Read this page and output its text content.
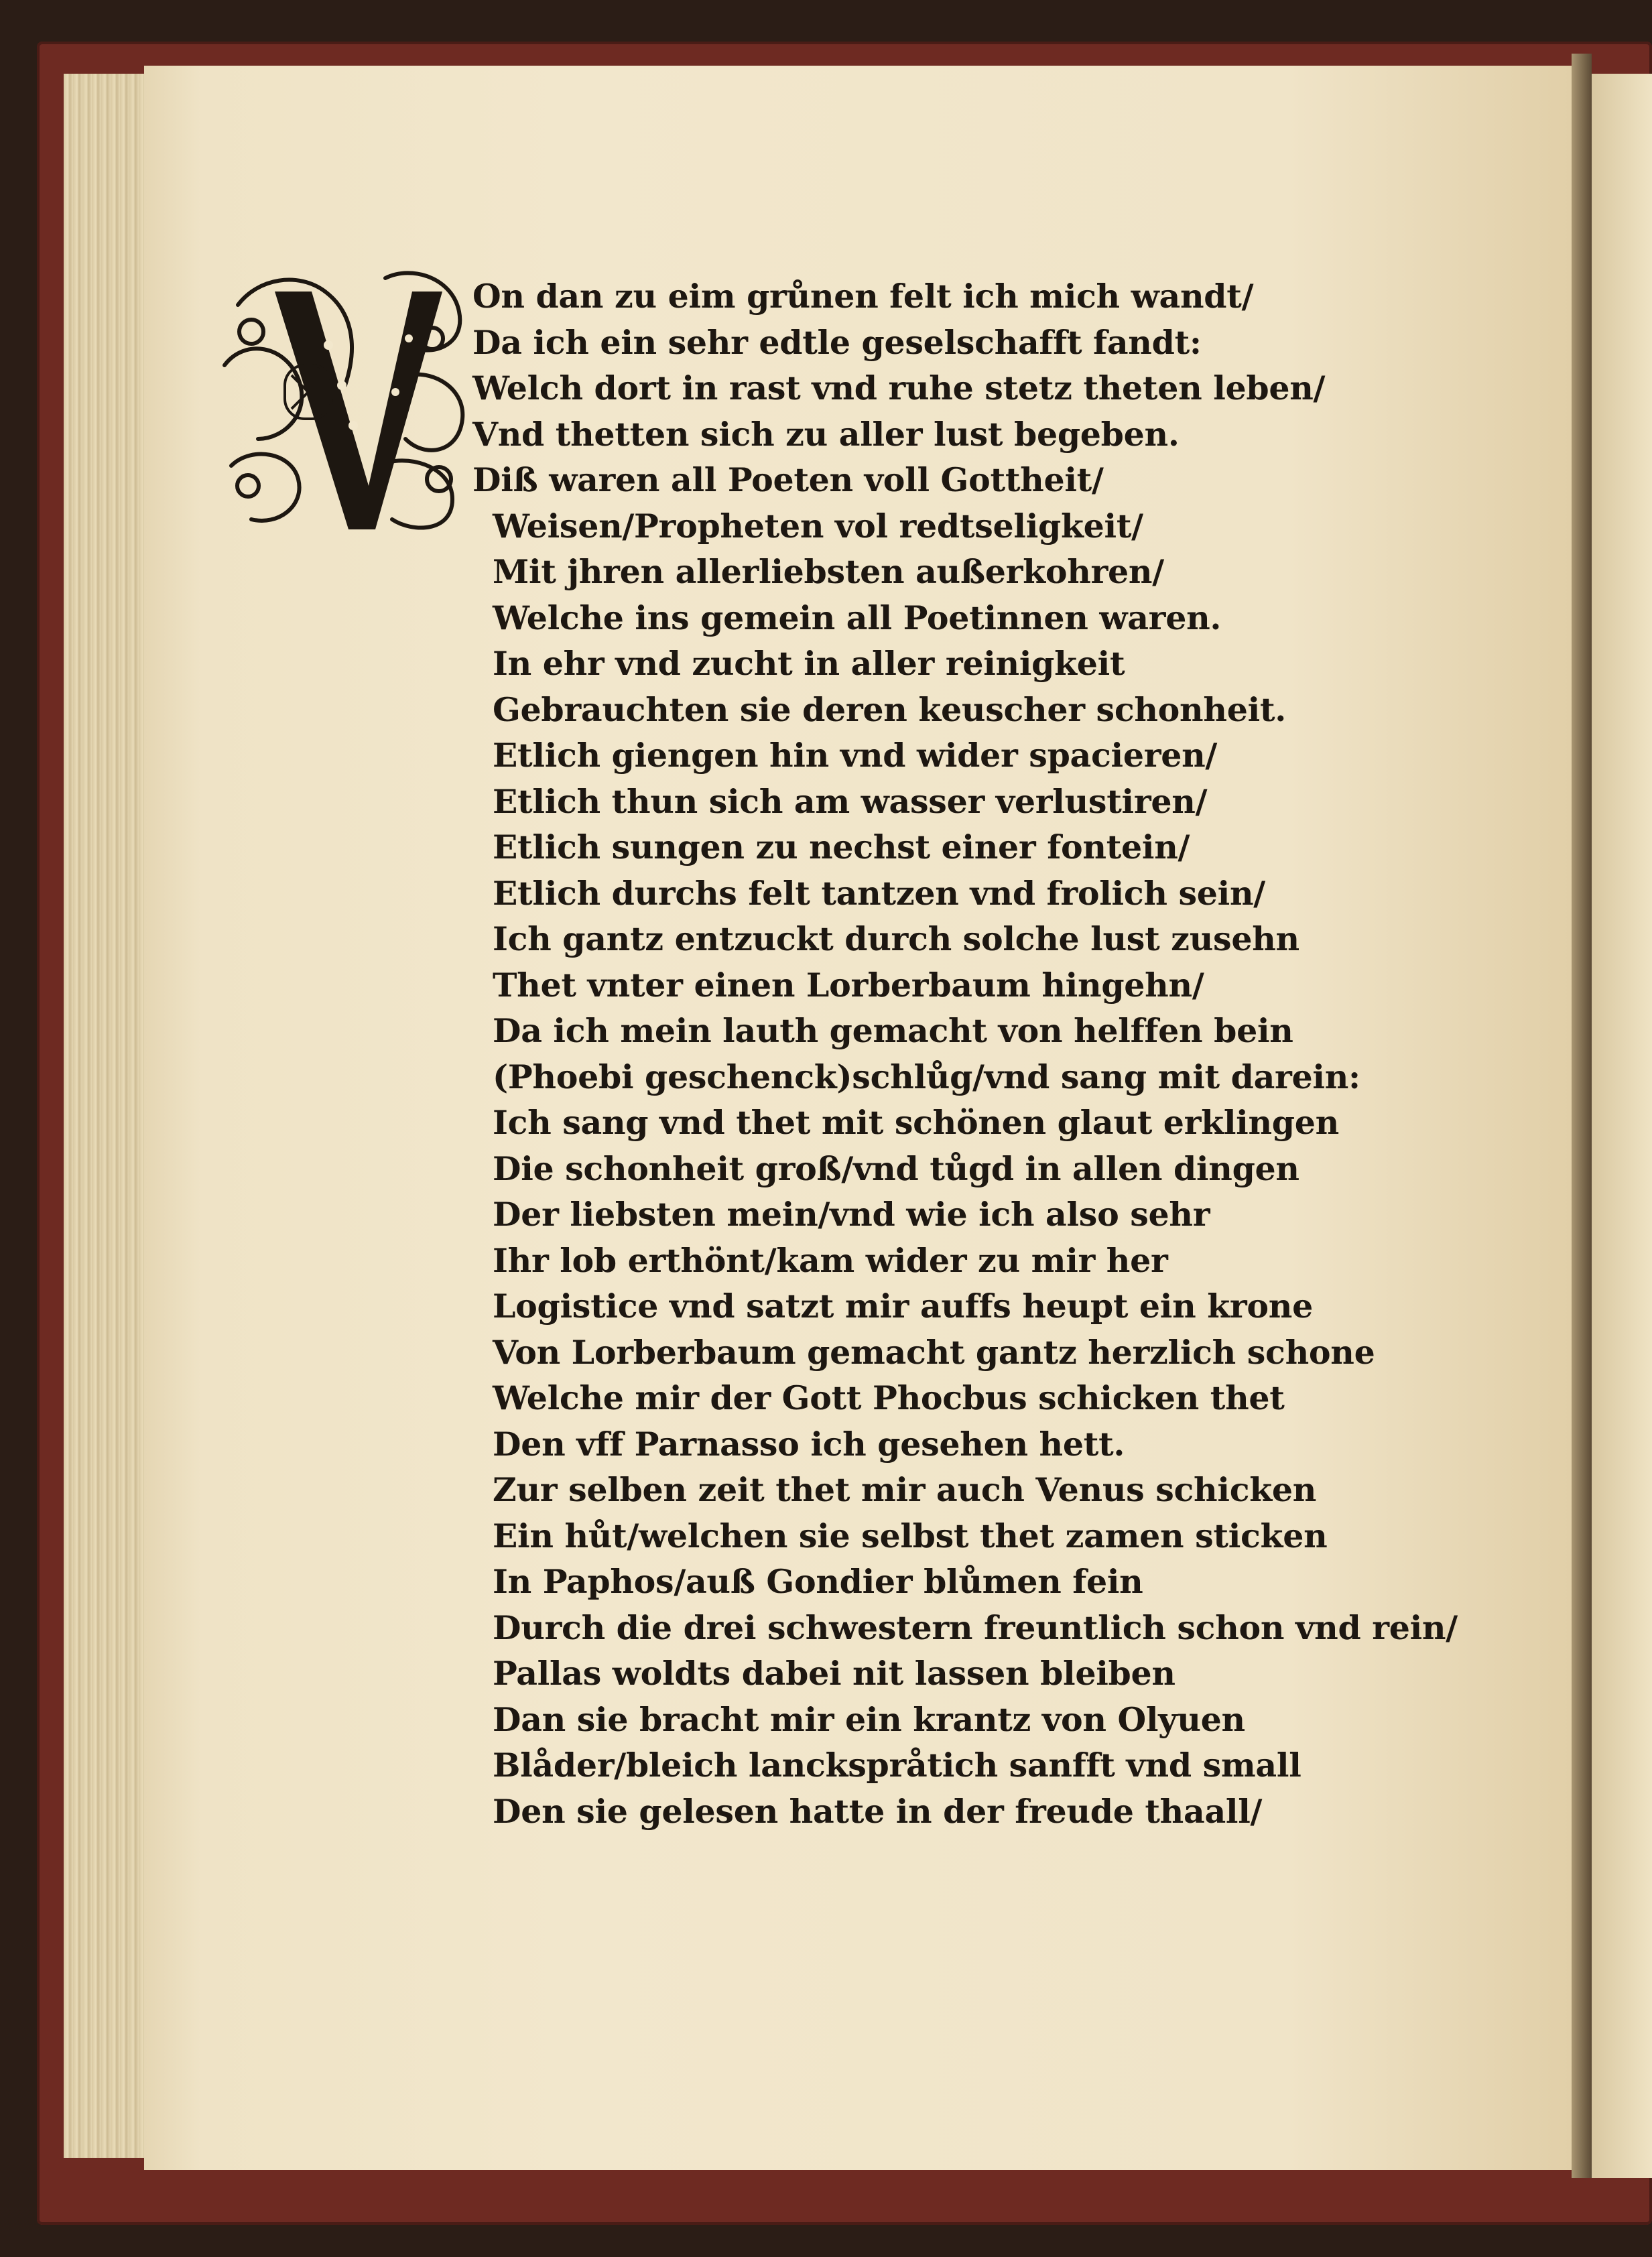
On dan zu eim grůnen felt ich mich wandt/
Da ich ein sehr edtle geselschafft fandt:
Welch dort in rast vnd ruhe stetz theten leben/
Vnd thetten sich zu aller lust begeben.
Diß waren all Poeten voll Gottheit/
Weisen/Propheten vol redtseligkeit/
Mit jhren allerliebsten außerkohren/
Welche ins gemein all Poetinnen waren.
In ehr vnd zucht in aller reinigkeit
Gebrauchten sie deren keuscher schonheit.
Etlich giengen hin vnd wider spacieren/
Etlich thun sich am wasser verlustiren/
Etlich sungen zu nechst einer fontein/
Etlich durchs felt tantzen vnd frolich sein/
Ich gantz entzuckt durch solche lust zusehn
Thet vnter einen Lorberbaum hingehn/
Da ich mein lauth gemacht von helffen bein
(Phoebi geschenck)schlůg/vnd sang mit darein:
Ich sang vnd thet mit schönen glaut erklingen
Die schonheit groß/vnd tůgd in allen dingen
Der liebsten mein/vnd wie ich also sehr
Ihr lob erthönt/kam wider zu mir her
Logistice vnd satzt mir auffs heupt ein krone
Von Lorberbaum gemacht gantz herzlich schone
Welche mir der Gott Phocbus schicken thet
Den vff Parnasso ich gesehen hett.
Zur selben zeit thet mir auch Venus schicken
Ein hůt/welchen sie selbst thet zamen sticken
In Paphos/auß Gondier blůmen fein
Durch die drei schwestern freuntlich schon vnd rein/
Pallas woldts dabei nit lassen bleiben
Dan sie bracht mir ein krantz von Olyuen
Blåder/bleich lanckspråtich sanfft vnd small
Den sie gelesen hatte in der freude thaall/
